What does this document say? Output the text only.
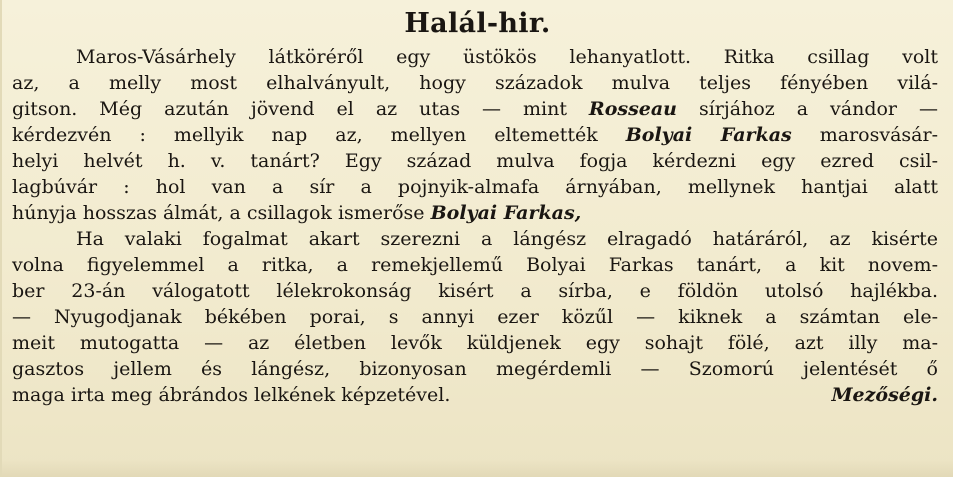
Halál-hir.
Maros-Vásárhely látköréről egy üstökös lehanyatlott. Ritka csillag volt
az, a melly most elhalványult, hogy századok mulva teljes fényében vilá-
gitson. Még azután jövend el az utas — mint Rosseau sírjához a vándor —
kérdezvén : mellyik nap az, mellyen eltemették Bolyai Farkas marosvásár-
helyi helvét h. v. tanárt? Egy század mulva fogja kérdezni egy ezred csil-
lagbúvár : hol van a sír a pojnyik-almafa árnyában, mellynek hantjai alatt
húnyja hosszas álmát, a csillagok ismerőse Bolyai Farkas,
Ha valaki fogalmat akart szerezni a lángész elragadó határáról, az kisérte
volna figyelemmel a ritka, a remekjellemű Bolyai Farkas tanárt, a kit novem-
ber 23-án válogatott lélekrokonság kisért a sírba, e földön utolsó hajlékba.
— Nyugodjanak békében porai, s annyi ezer közűl — kiknek a számtan ele-
meit mutogatta — az életben levők küldjenek egy sohajt fölé, azt illy ma-
gasztos jellem és lángész, bizonyosan megérdemli — Szomorú jelentését ő
maga irta meg ábrándos lelkének képzetével.	Mezőségi.
